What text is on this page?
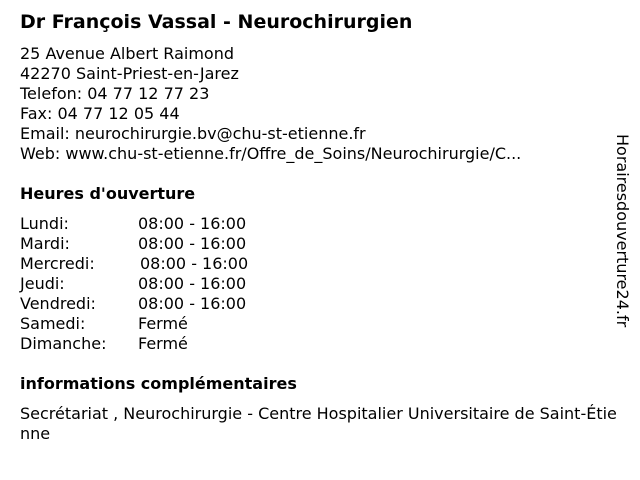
Dr François Vassal - Neurochirurgien
25 Avenue Albert Raimond
42270 Saint-Priest-en-Jarez
Telefon: 04 77 12 77 23
Fax: 04 77 12 05 44
Email: neurochirurgie.bv@chu-st-etienne.fr
Web: www.chu-st-etienne.fr/Offre_de_Soins/Neurochirurgie/C...
Heures d'ouverture
Lundi:	08:00 - 16:00
Mardi:	08:00 - 16:00
Mercredi:	08:00 - 16:00
Jeudi:	08:00 - 16:00
Vendredi:	08:00 - 16:00
Samedi:	Fermé
Dimanche: Fermé
informations complémentaires
Secrétariat , Neurochirurgie - Centre Hospitalier Universitaire de Saint-Étienne
Horairesdouverture24.fr
